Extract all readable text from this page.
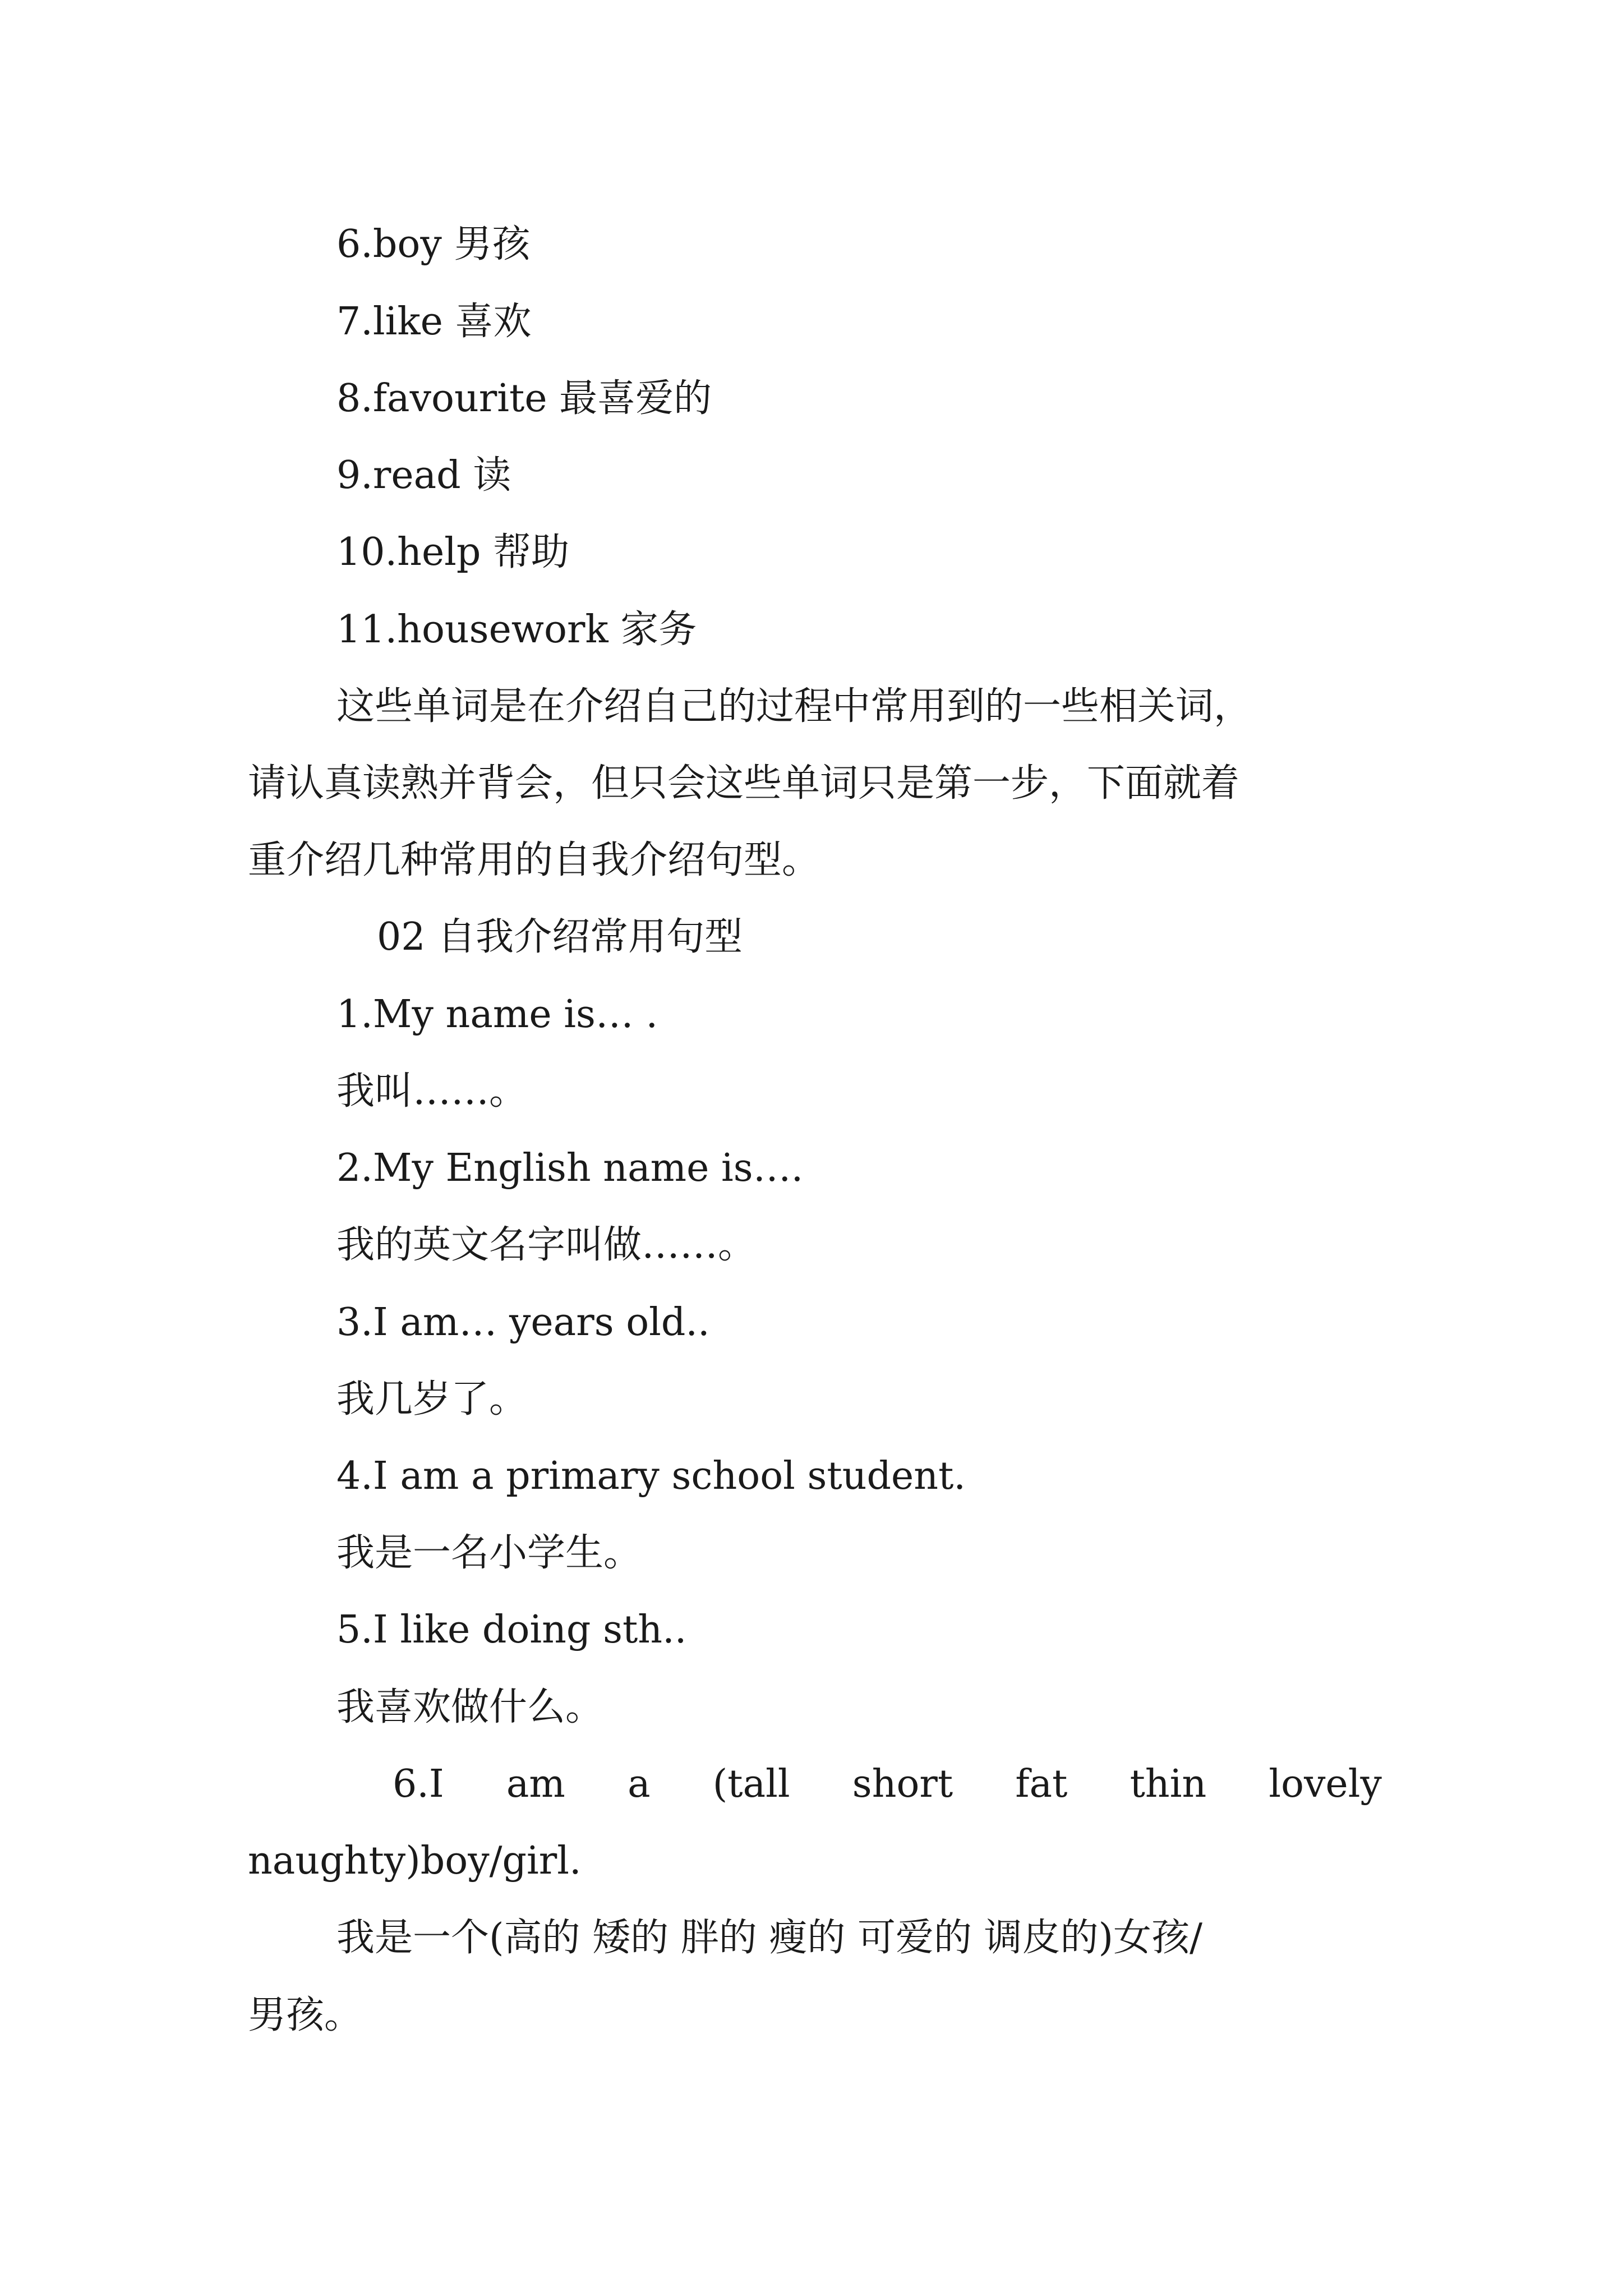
6.boy 男孩
7.like 喜欢
8.favourite 最喜爱的
9.read 读
10.help 帮助
11.housework 家务
这些单词是在介绍自己的过程中常用到的一些相关词，
请认真读熟并背会，但只会这些单词只是第一步，下面就着
重介绍几种常用的自我介绍句型。
02 自我介绍常用句型
1.My name is… .
我叫……。
2.My English name is….
我的英文名字叫做……。
3.I am… years old..
我几岁了。
4.I am a primary school student.
我是一名小学生。
5.I like doing sth..
我喜欢做什么。
6.I am a (tall short fat thin lovely
naughty)boy/girl.
我是一个(高的 矮的 胖的 瘦的 可爱的 调皮的)女孩/
男孩。
